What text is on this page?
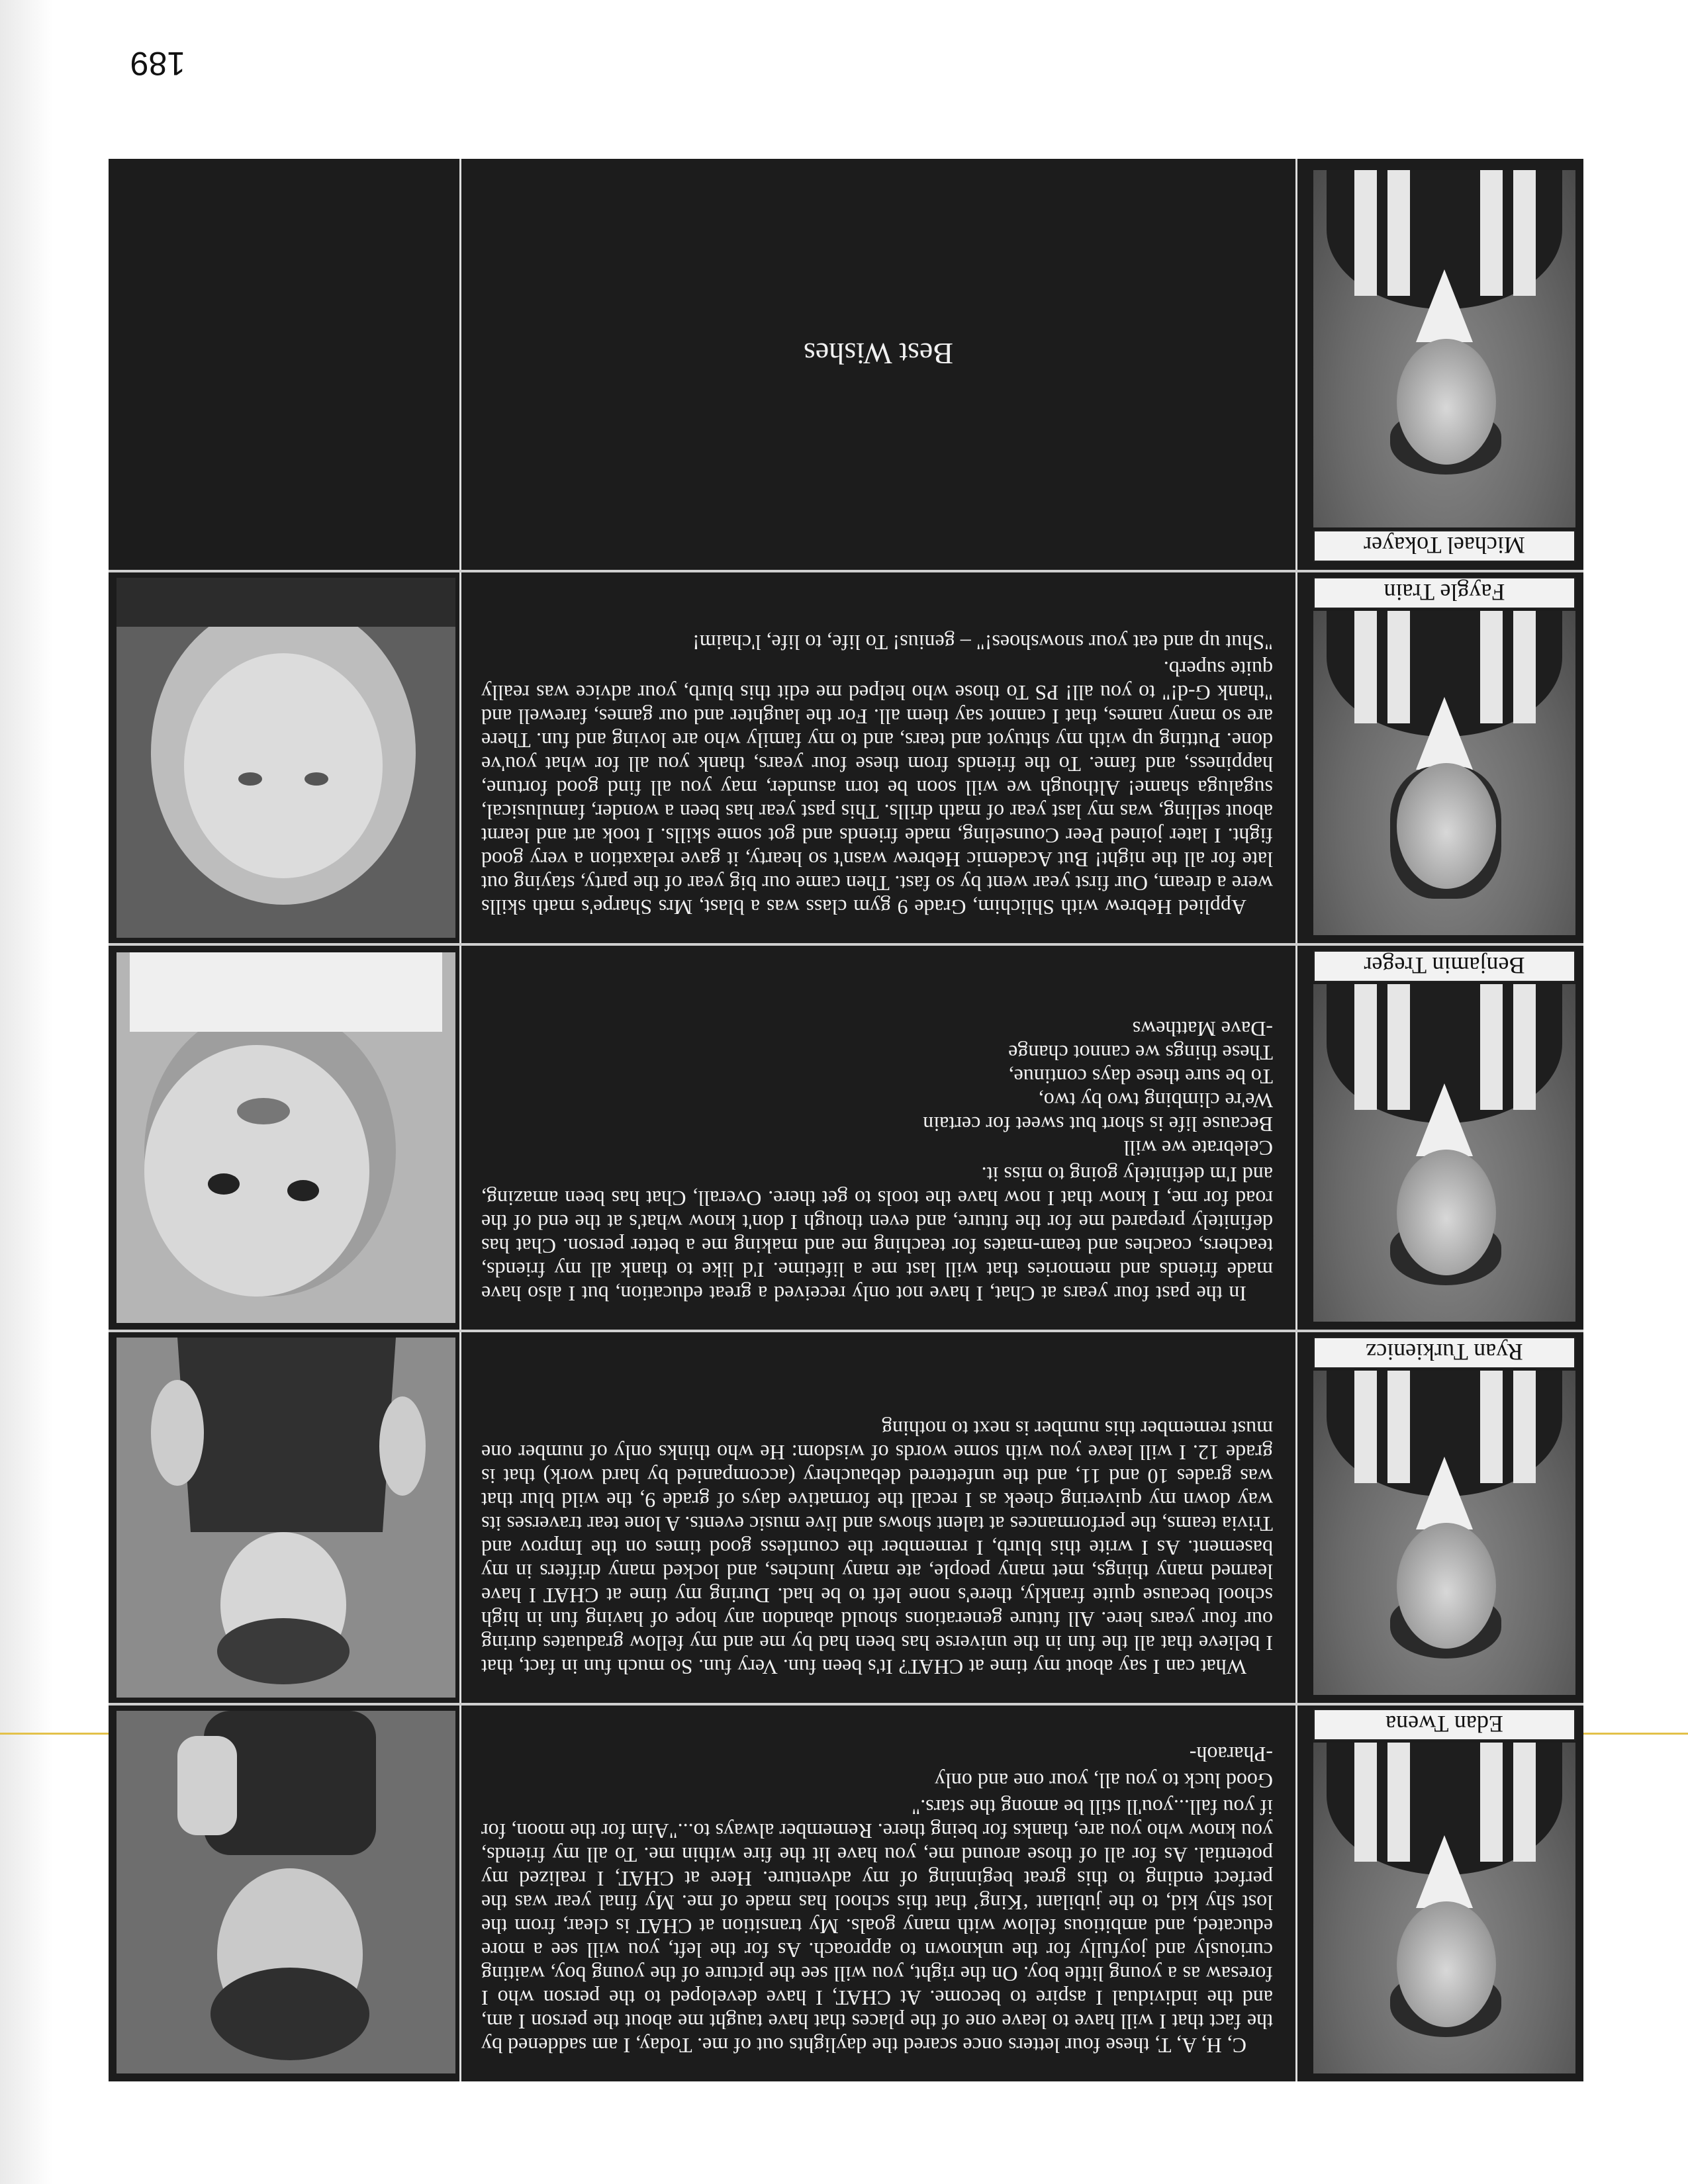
189
Edan Twena

C, H, A, T, these four letters once scared the daylights out of me. Today, I am saddened by the fact that I will have to leave one of the places that have taught me about the person I am, and the individual I aspire to become. At CHAT, I have developed to the person who I foresaw as a young little boy. On the right, you will see the picture of the young boy, waiting curiously and joyfully for the unknown to approach. As for the left, you will see a more educated, and ambitious fellow with many goals. My transition at CHAT is clear, from the lost shy kid, to the jubilant ‘King’ that this school has made of me. My final year was the perfect ending to this great beginning of my adventure. Here at CHAT, I realized my potential. As for all of those around me, you have lit the fire within me. To all my friends, you know who you are, thanks for being there. Remember always to..."Aim for the moon, for if you fall...you'll still be among the stars."

Good luck to you all, your one and only

-Pharaoh-

Ryan Turkienicz

What can I say about my time at CHAT? It's been fun. Very fun. So much fun in fact, that I believe that all the fun in the universe has been had by me and my fellow graduates during our four years here. All future generations should abandon any hope of having fun in high school because quite frankly, there's none left to be had. During my time at CHAT I have learned many things, met many people, ate many lunches, and locked many drifters in my basement. As I write this blurb, I remember the countless good times on the Improv and Trivia teams, the performances at talent shows and live music events. A lone tear traverses its way down my quivering cheek as I recall the formative days of grade 9, the wild blur that was grades 10 and 11, and the unfettered debauchery (accompanied by hard work) that is grade 12. I will leave you with some words of wisdom: He who thinks only of number one must remember this number is next to nothing

Benjamin Treger

In the past four years at Chat, I have not only received a great education, but I also have made friends and memories that will last me a lifetime. I'd like to thank all my friends, teachers, coaches and team-mates for teaching me and making me a better person. Chat has definitely prepared me for the future, and even though I don't know what's at the end of the road for me, I know that I now have the tools to get there. Overall, Chat has been amazing, and I'm definitely going to miss it.

Celebrate we will

Because life is short but sweet for certain

We're climbing two by two,

To be sure these days continue,

These things we cannot change

-Dave Matthews

Faygle Train

Applied Hebrew with Shlichim, Grade 9 gym class was a blast, Mrs Sharpe's math skills were a dream, Our first year went by so fast. Then came our big year of the party, staying out late for all the night! But Academic Hebrew wasn't so hearty, it gave relaxation a very good fight. I later joined Peer Counseling, made friends and got some skills. I took art and learnt about selling, was my last year of math drills. This past year has been a wonder, famulusical, sugaluga shame! Although we will soon be torn asunder, may you all find good fortune, happiness, and fame. To the friends from these four years, thank you all for what you've done. Putting up with my shtuyot and tears, and to my family who are loving and fun. There are so many names, that I cannot say them all. For the laughter and our games, farewell and "thank G-d!" to you all! PS To those who helped me edit this blurb, your advice was really quite superb.

"Shut up and eat your snowshoes!" – genius! To life, to life, l'chaim!

Michael Tokayer
Best Wishes
